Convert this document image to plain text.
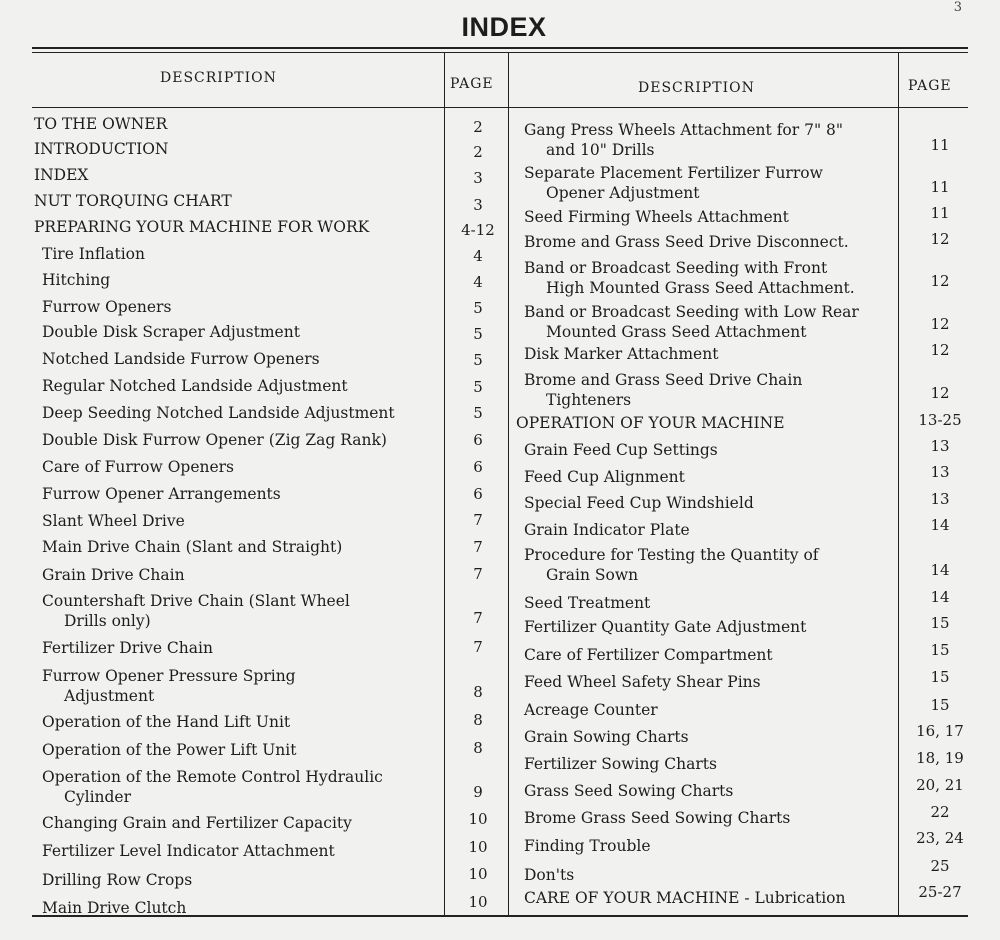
3
INDEX
DESCRIPTION	PAGE	DESCRIPTION	PAGE
TO THE OWNER	2
INTRODUCTION	2
INDEX	3
NUT TORQUING CHART	3
PREPARING YOUR MACHINE FOR WORK	4-12
Tire Inflation	4
Hitching	4
Furrow Openers	5
Double Disk Scraper Adjustment	5
Notched Landside Furrow Openers	5
Regular Notched Landside Adjustment	5
Deep Seeding Notched Landside Adjustment	5
Double Disk Furrow Opener (Zig Zag Rank)	6
Care of Furrow Openers	6
Furrow Opener Arrangements	6
Slant Wheel Drive	7
Main Drive Chain (Slant and Straight)	7
Grain Drive Chain	7
Countershaft Drive Chain (Slant Wheel
Drills only)	7
Fertilizer Drive Chain	7
Furrow Opener Pressure Spring
Adjustment	8
Operation of the Hand Lift Unit	8
Operation of the Power Lift Unit	8
Operation of the Remote Control Hydraulic
Cylinder	9
Changing Grain and Fertilizer Capacity	10
Fertilizer Level Indicator Attachment	10
Drilling Row Crops	10
Main Drive Clutch	10
Gang Press Wheels Attachment for 7" 8"
and 10" Drills	11
Separate Placement Fertilizer Furrow
Opener Adjustment	11
Seed Firming Wheels Attachment	11
Brome and Grass Seed Drive Disconnect.	12
Band or Broadcast Seeding with Front
High Mounted Grass Seed Attachment.	12
Band or Broadcast Seeding with Low Rear
Mounted Grass Seed Attachment	12
Disk Marker Attachment	12
Brome and Grass Seed Drive Chain
Tighteners	12
OPERATION OF YOUR MACHINE	13-25
Grain Feed Cup Settings	13
Feed Cup Alignment	13
Special Feed Cup Windshield	13
Grain Indicator Plate	14
Procedure for Testing the Quantity of
Grain Sown	14
Seed Treatment	14
Fertilizer Quantity Gate Adjustment	15
Care of Fertilizer Compartment	15
Feed Wheel Safety Shear Pins	15
Acreage Counter	15
Grain Sowing Charts	16, 17
Fertilizer Sowing Charts	18, 19
Grass Seed Sowing Charts	20, 21
Brome Grass Seed Sowing Charts	22
Finding Trouble	23, 24
Don'ts	25
CARE OF YOUR MACHINE - Lubrication	25-27
